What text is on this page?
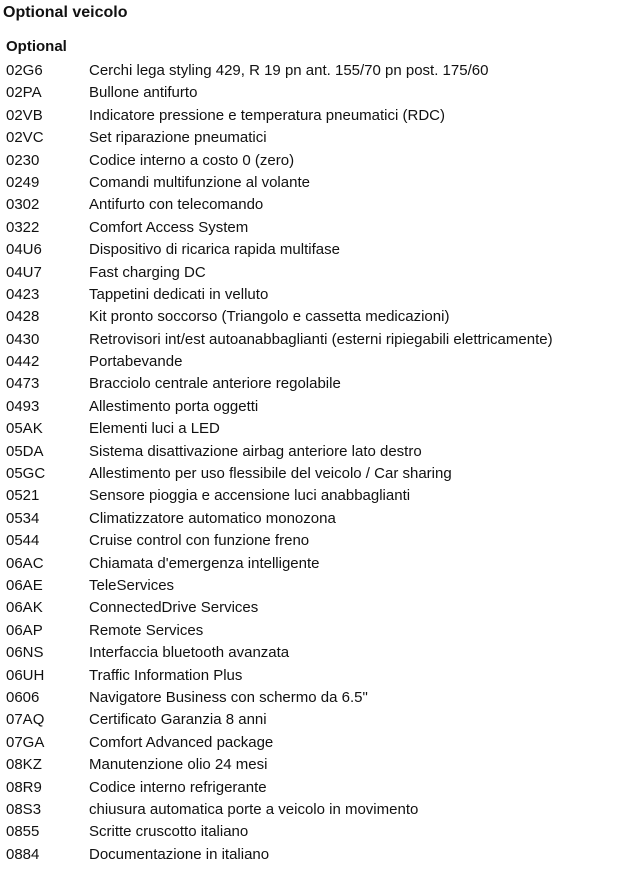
Optional veicolo
Optional
02G6	Cerchi lega styling 429, R 19 pn ant. 155/70 pn post. 175/60
02PA	Bullone antifurto
02VB	Indicatore pressione e temperatura pneumatici (RDC)
02VC	Set riparazione pneumatici
0230	Codice interno a costo 0 (zero)
0249	Comandi multifunzione al volante
0302	Antifurto con telecomando
0322	Comfort Access System
04U6	Dispositivo di ricarica rapida multifase
04U7	Fast charging DC
0423	Tappetini dedicati in velluto
0428	Kit pronto soccorso (Triangolo e cassetta medicazioni)
0430	Retrovisori int/est autoanabbaglianti (esterni ripiegabili elettricamente)
0442	Portabevande
0473	Bracciolo centrale anteriore regolabile
0493	Allestimento porta oggetti
05AK	Elementi luci a LED
05DA	Sistema disattivazione airbag anteriore lato destro
05GC	Allestimento per uso flessibile del veicolo / Car sharing
0521	Sensore pioggia e accensione luci anabbaglianti
0534	Climatizzatore automatico monozona
0544	Cruise control con funzione freno
06AC	Chiamata d'emergenza intelligente
06AE	TeleServices
06AK	ConnectedDrive Services
06AP	Remote Services
06NS	Interfaccia bluetooth avanzata
06UH	Traffic Information Plus
0606	Navigatore Business con schermo da 6.5"
07AQ	Certificato Garanzia 8 anni
07GA	Comfort Advanced package
08KZ	Manutenzione olio 24 mesi
08R9	Codice interno refrigerante
08S3	chiusura automatica porte a veicolo in movimento
0855	Scritte cruscotto italiano
0884	Documentazione in italiano
